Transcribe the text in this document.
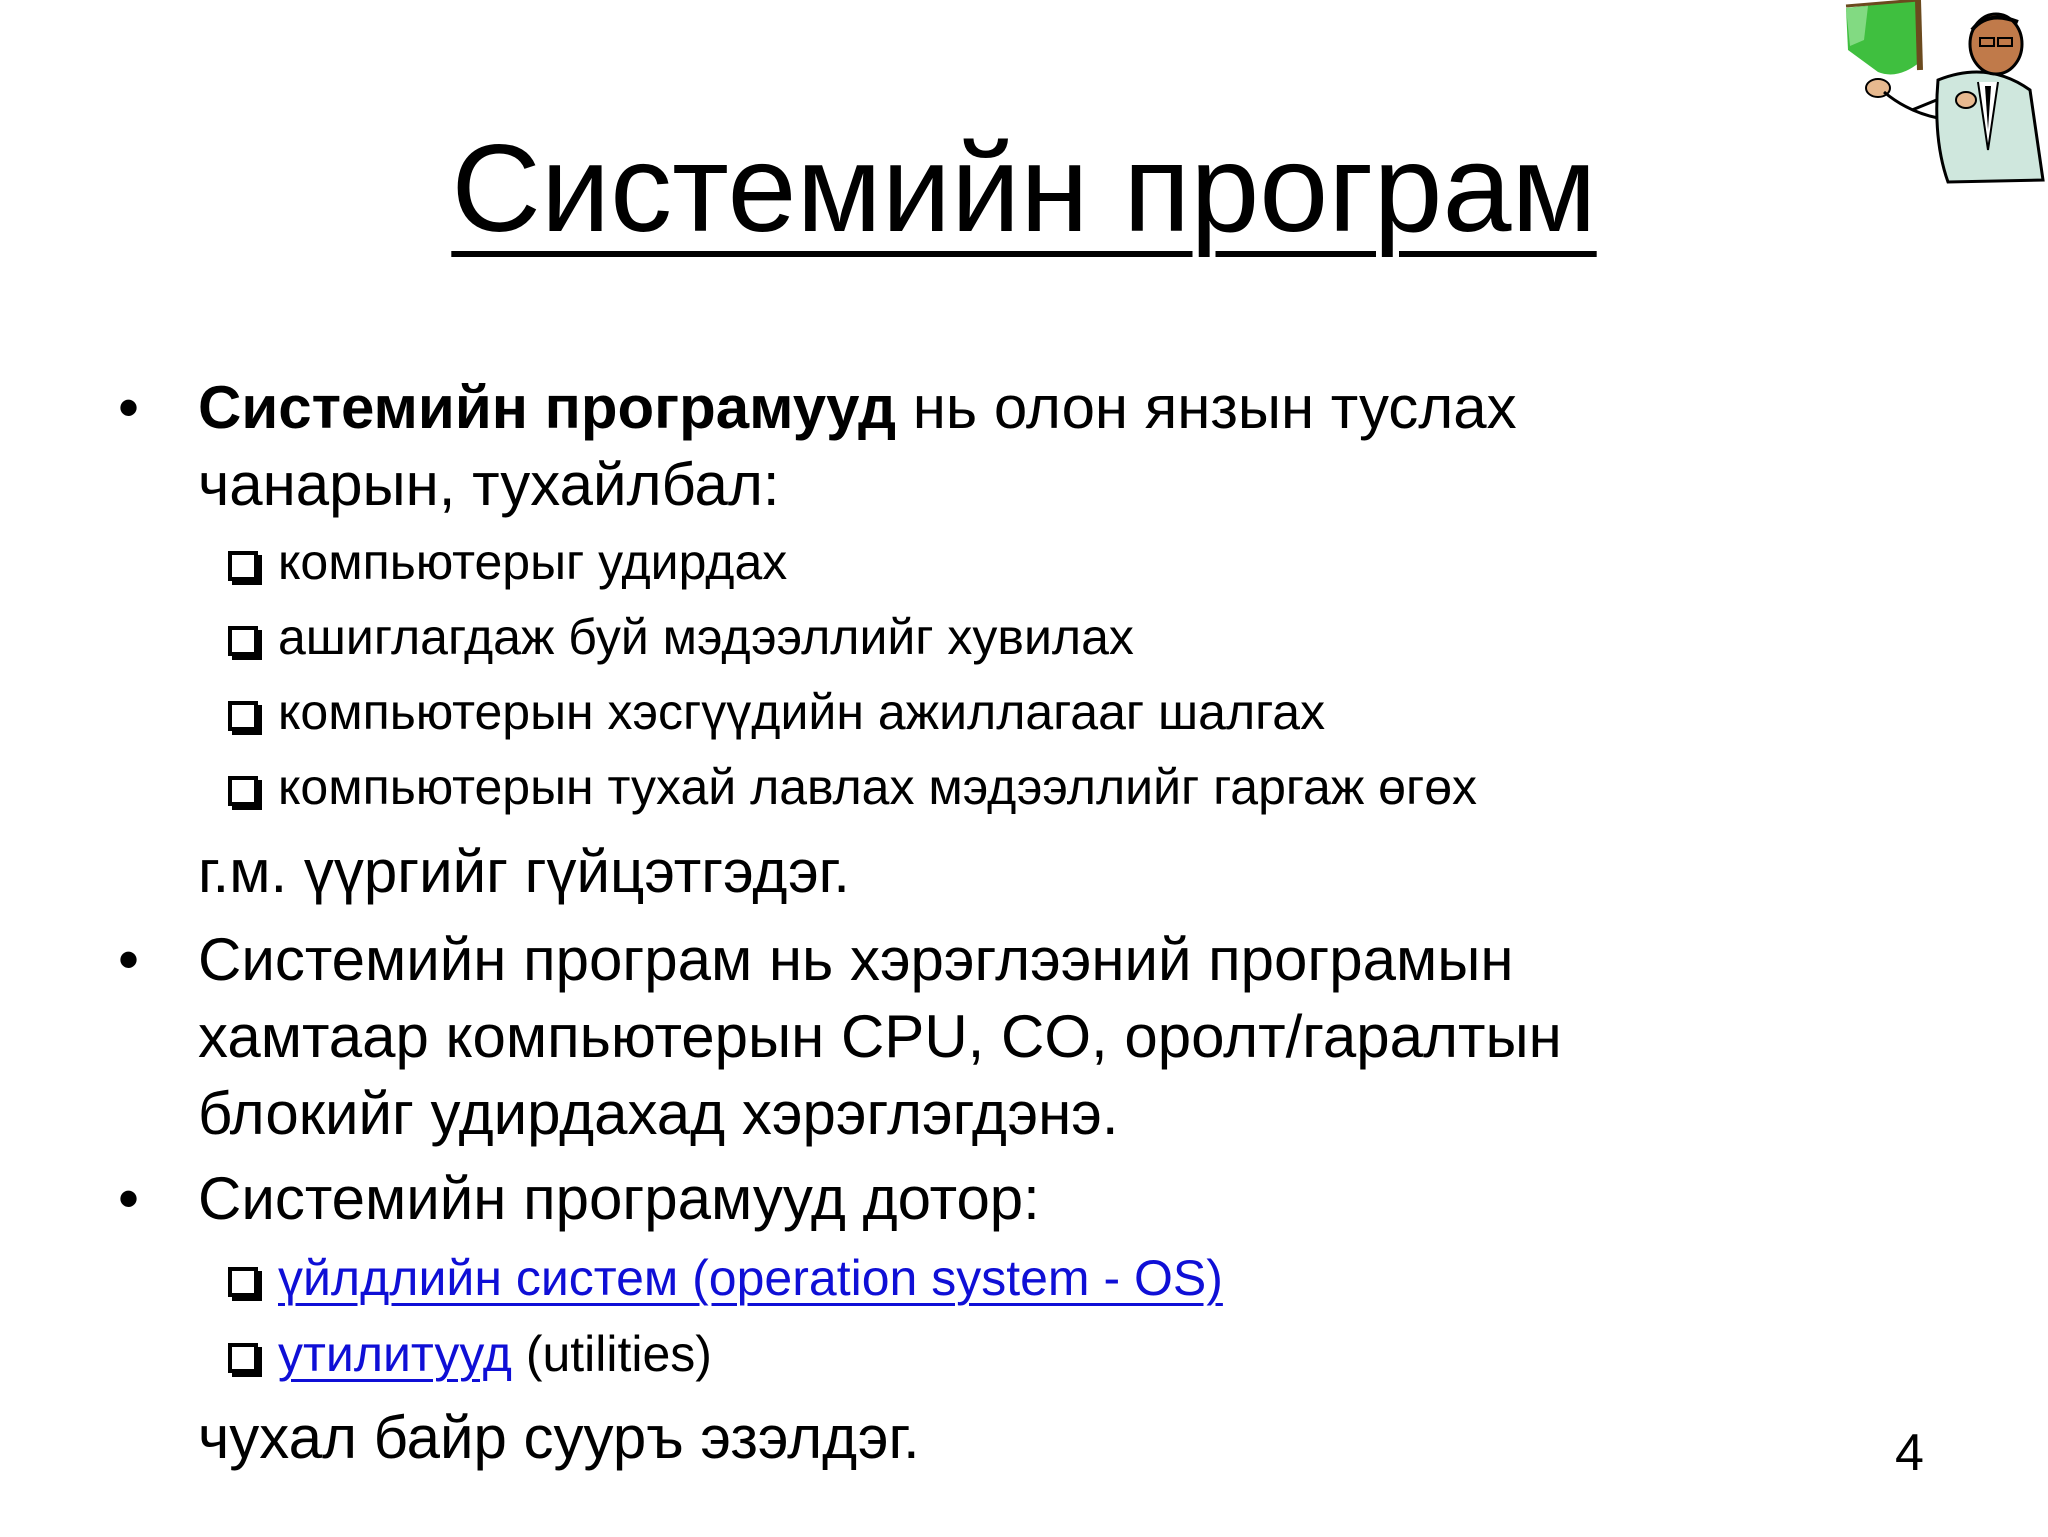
Системийн програм
• Системийн програмууд нь олон янзын туслах
чанарын, тухайлбал:
компьютерыг удирдах
ашиглагдаж буй мэдээллийг хувилах
компьютерын хэсгүүдийн ажиллагааг шалгах
компьютерын тухай лавлах мэдээллийг гаргаж өгөх
г.м. үүргийг гүйцэтгэдэг.
• Системийн програм нь хэрэглээний програмын
хамтаар компьютерын CPU, CO, оролт/гаралтын
блокийг удирдахад хэрэглэгдэнэ.
• Системийн програмууд дотор:
үйлдлийн систем (operation system - OS)
утилитууд (utilities)
чухал байр сууръ эзэлдэг.	4
